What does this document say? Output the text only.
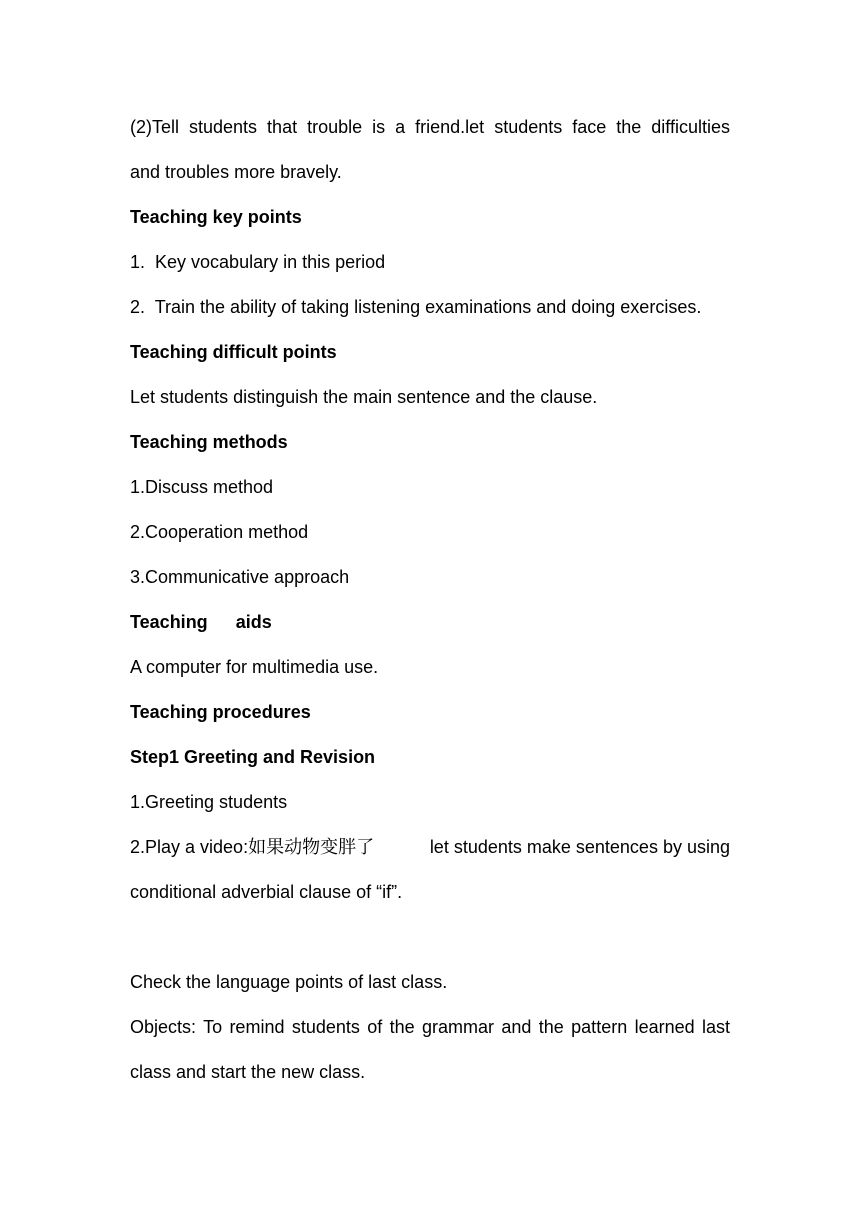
(2)Tell students that trouble is a friend.let students face the difficulties
and troubles more bravely.
Teaching key points
1.  Key vocabulary in this period
2.  Train the ability of taking listening examinations and doing exercises.
Teaching difficult points
Let students distinguish the main sentence and the clause.
Teaching methods
1.Discuss method
2.Cooperation method
3.Communicative approach
Teaching aids
A computer for multimedia use.
Teaching procedures
Step1 Greeting and Revision
1.Greeting students
2.Play a video:如果动物变胖了	let students make sentences by using
conditional adverbial clause of “if”.
Check the language points of last class.
Objects: To remind students of the grammar and the pattern learned last
class and start the new class.
